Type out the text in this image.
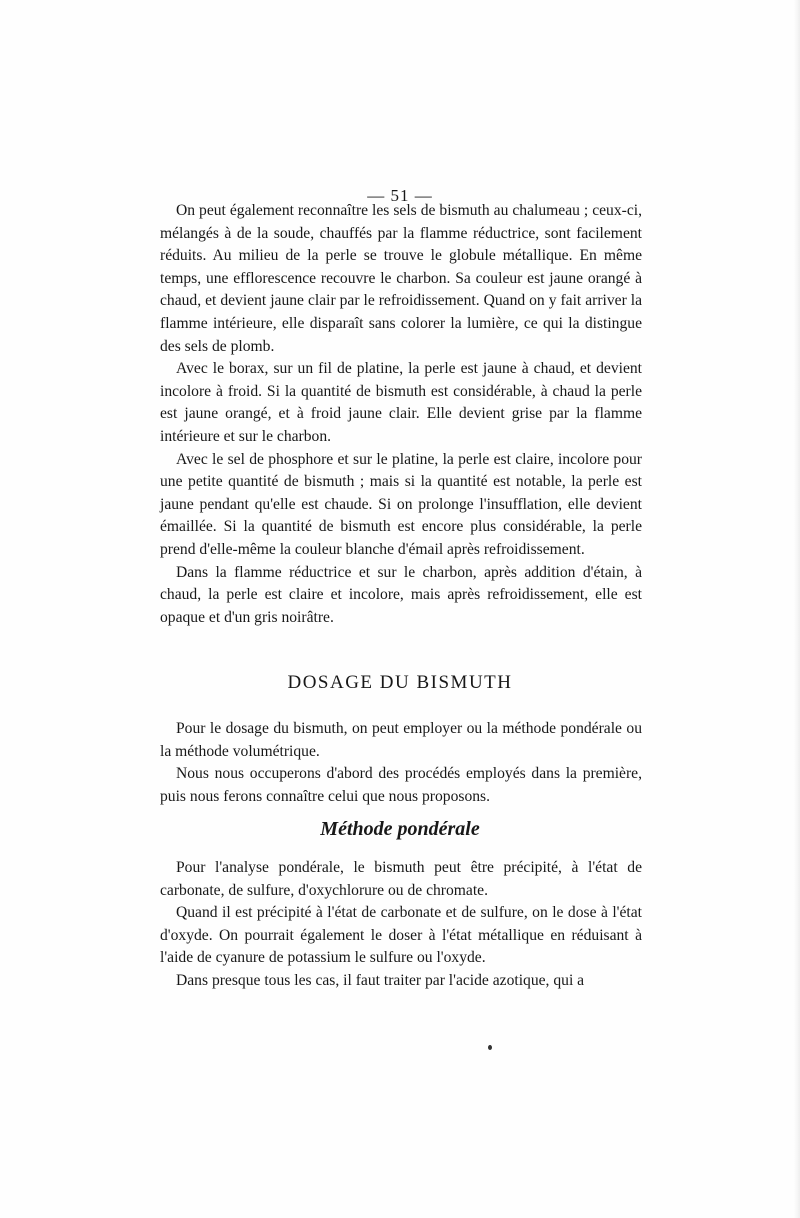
— 51 —

On peut également reconnaître les sels de bismuth au chalumeau ; ceux-ci, mélangés à de la soude, chauffés par la flamme réductrice, sont facilement réduits. Au milieu de la perle se trouve le globule métallique. En même temps, une efflorescence recouvre le charbon. Sa couleur est jaune orangé à chaud, et devient jaune clair par le refroidissement. Quand on y fait arriver la flamme intérieure, elle disparaît sans colorer la lumière, ce qui la distingue des sels de plomb.

Avec le borax, sur un fil de platine, la perle est jaune à chaud, et devient incolore à froid. Si la quantité de bismuth est considérable, à chaud la perle est jaune orangé, et à froid jaune clair. Elle devient grise par la flamme intérieure et sur le charbon.

Avec le sel de phosphore et sur le platine, la perle est claire, incolore pour une petite quantité de bismuth ; mais si la quantité est notable, la perle est jaune pendant qu'elle est chaude. Si on prolonge l'insufflation, elle devient émaillée. Si la quantité de bismuth est encore plus considérable, la perle prend d'elle-même la couleur blanche d'émail après refroidissement.

Dans la flamme réductrice et sur le charbon, après addition d'étain, à chaud, la perle est claire et incolore, mais après refroidissement, elle est opaque et d'un gris noirâtre.

DOSAGE DU BISMUTH

Pour le dosage du bismuth, on peut employer ou la méthode pondérale ou la méthode volumétrique.

Nous nous occuperons d'abord des procédés employés dans la première, puis nous ferons connaître celui que nous proposons.

Méthode pondérale

Pour l'analyse pondérale, le bismuth peut être précipité, à l'état de carbonate, de sulfure, d'oxychlorure ou de chromate.

Quand il est précipité à l'état de carbonate et de sulfure, on le dose à l'état d'oxyde. On pourrait également le doser à l'état métallique en réduisant à l'aide de cyanure de potassium le sulfure ou l'oxyde.

Dans presque tous les cas, il faut traiter par l'acide azotique, qui a
